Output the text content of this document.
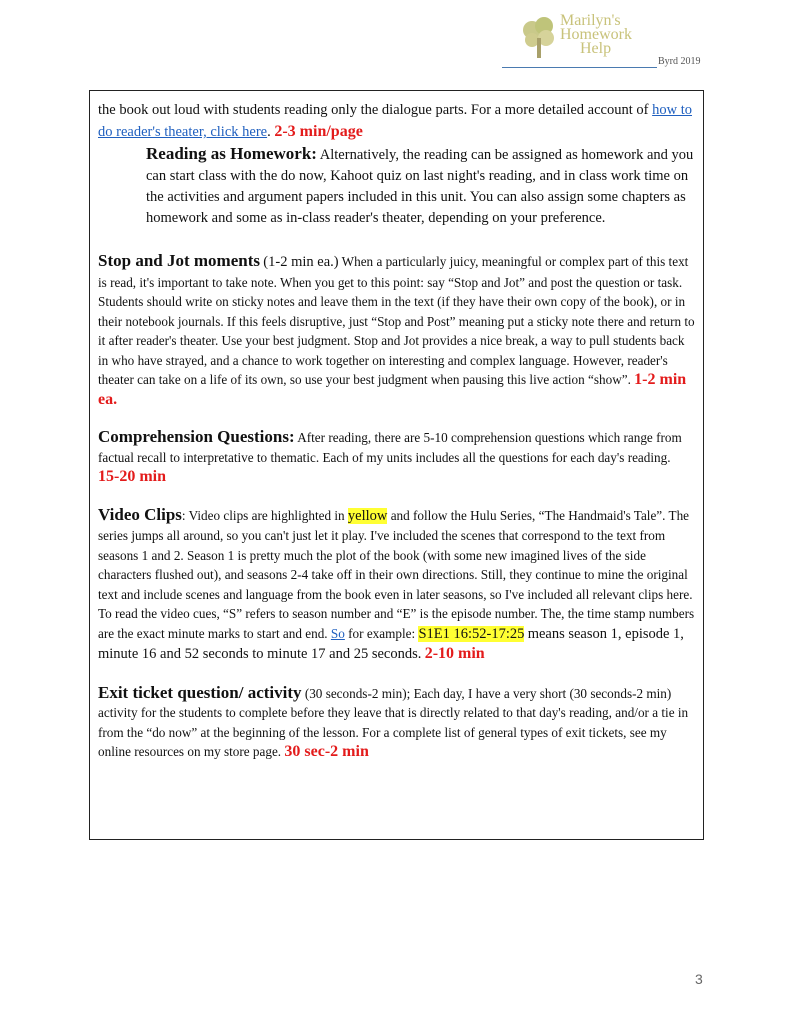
Marilyn's
Homework
Help
Byrd 2019

the book out loud with students reading only the dialogue parts. For a more detailed account of how to do reader's theater, click here. 2-3 min/page

Reading as Homework: Alternatively, the reading can be assigned as homework and you can start class with the do now, Kahoot quiz on last night's reading, and in class work time on the activities and argument papers included in this unit. You can also assign some chapters as homework and some as in-class reader's theater, depending on your preference.

Stop and Jot moments (1-2 min ea.) When a particularly juicy, meaningful or complex part of this text is read, it's important to take note. When you get to this point: say “Stop and Jot” and post the question or task. Students should write on sticky notes and leave them in the text (if they have their own copy of the book), or in their notebook journals. If this feels disruptive, just “Stop and Post” meaning put a sticky note there and return to it after reader's theater. Use your best judgment. Stop and Jot provides a nice break, a way to pull students back in who have strayed, and a chance to work together on interesting and complex language. However, reader's theater can take on a life of its own, so use your best judgment when pausing this live action “show”. 1-2 min ea.

Comprehension Questions: After reading, there are 5-10 comprehension questions which range from factual recall to interpretative to thematic. Each of my units includes all the questions for each day's reading. 15-20 min

Video Clips: Video clips are highlighted in yellow and follow the Hulu Series, “The Handmaid's Tale”. The series jumps all around, so you can't just let it play. I've included the scenes that correspond to the text from seasons 1 and 2. Season 1 is pretty much the plot of the book (with some new imagined lives of the side characters flushed out), and seasons 2-4 take off in their own directions. Still, they continue to mine the original text and include scenes and language from the book even in later seasons, so I've included all relevant clips here. To read the video cues, “S” refers to season number and “E” is the episode number. The, the time stamp numbers are the exact minute marks to start and end. So for example: S1E1 16:52-17:25 means season 1, episode 1, minute 16 and 52 seconds to minute 17 and 25 seconds. 2-10 min

Exit ticket question/ activity (30 seconds-2 min); Each day, I have a very short (30 seconds-2 min) activity for the students to complete before they leave that is directly related to that day's reading, and/or a tie in from the “do now” at the beginning of the lesson. For a complete list of general types of exit tickets, see my online resources on my store page. 30 sec-2 min

3
